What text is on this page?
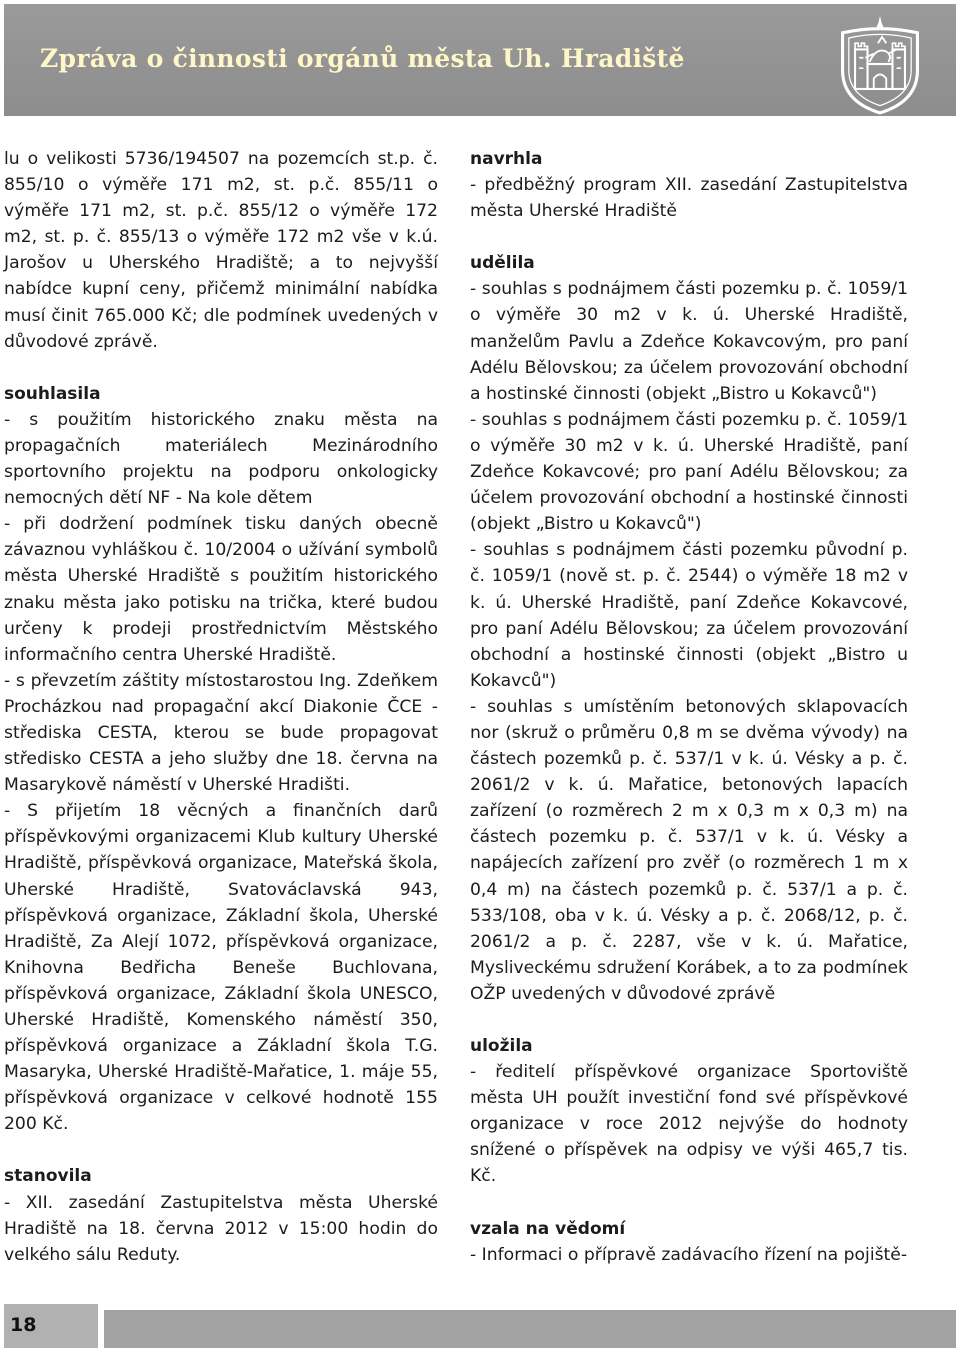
Zpráva o činnosti orgánů města Uh. Hradiště

lu o velikosti 5736/194507 na pozemcích st.p. č. 855/10 o výměře 171 m2, st. p.č. 855/11 o výměře 171 m2, st. p.č. 855/12 o výměře 172 m2, st. p. č. 855/13 o výměře 172 m2 vše v k.ú. Jarošov u Uherského Hradiště; a to nejvyšší nabídce kupní ceny, přičemž minimální nabídka musí činit 765.000 Kč; dle podmínek uvedených v důvodové zprávě.

souhlasila

- s použitím historického znaku města na propagačních materiálech Mezinárodního sportovního projektu na podporu onkologicky nemocných dětí NF - Na kole dětem

- při dodržení podmínek tisku daných obecně závaznou vyhláškou č. 10/2004 o užívání symbolů města Uherské Hradiště s použitím historického znaku města jako potisku na trička, které budou určeny k prodeji prostřednictvím Městského informačního centra Uherské Hradiště.

- s převzetím záštity místostarostou Ing. Zdeňkem Procházkou nad propagační akcí Diakonie ČCE - střediska CESTA, kterou se bude propagovat středisko CESTA a jeho služby dne 18. června na Masarykově náměstí v Uherské Hradišti.

- S přijetím 18 věcných a finančních darů příspěvkovými organizacemi Klub kultury Uherské Hradiště, příspěvková organizace, Mateřská škola, Uherské Hradiště, Svatováclavská 943, příspěvková organizace, Základní škola, Uherské Hradiště, Za Alejí 1072, příspěvková organizace, Knihovna Bedřicha Beneše Buchlovana, příspěvková organizace, Základní škola UNESCO, Uherské Hradiště, Komenského náměstí 350, příspěvková organizace a Základní škola T.G. Masaryka, Uherské Hradiště-Mařatice, 1. máje 55, příspěvková organizace v celkové hodnotě 155 200 Kč.

stanovila

- XII. zasedání Zastupitelstva města Uherské Hradiště na 18. června 2012 v 15:00 hodin do velkého sálu Reduty.

navrhla

- předběžný program XII. zasedání Zastupitelstva města Uherské Hradiště

udělila

- souhlas s podnájmem části pozemku p. č. 1059/1 o výměře 30 m2 v k. ú. Uherské Hradiště, manželům Pavlu a Zdeňce Kokavcovým, pro paní Adélu Bělovskou; za účelem provozování obchodní a hostinské činnosti (objekt „Bistro u Kokavců")

- souhlas s podnájmem části pozemku p. č. 1059/1 o výměře 30 m2 v k. ú. Uherské Hradiště, paní Zdeňce Kokavcové; pro paní Adélu Bělovskou; za účelem provozování obchodní a hostinské činnosti (objekt „Bistro u Kokavců")

- souhlas s podnájmem části pozemku původní p. č. 1059/1 (nově st. p. č. 2544) o výměře 18 m2 v k. ú. Uherské Hradiště, paní Zdeňce Kokavcové, pro paní Adélu Bělovskou; za účelem provozování obchodní a hostinské činnosti (objekt „Bistro u Kokavců")

- souhlas s umístěním betonových sklapovacích nor (skruž o průměru 0,8 m se dvěma vývody) na částech pozemků p. č. 537/1 v k. ú. Vésky a p. č. 2061/2 v k. ú. Mařatice, betonových lapacích zařízení (o rozměrech 2 m x 0,3 m x 0,3 m) na částech pozemku p. č. 537/1 v k. ú. Vésky a napájecích zařízení pro zvěř (o rozměrech 1 m x 0,4 m) na částech pozemků p. č. 537/1 a p. č. 533/108, oba v k. ú. Vésky a p. č. 2068/12, p. č. 2061/2 a p. č. 2287, vše v k. ú. Mařatice, Mysliveckému sdružení Korábek, a to za podmínek OŽP uvedených v důvodové zprávě

uložila

- ředitelí příspěvkové organizace Sportoviště města UH použít investiční fond své příspěvkové organizace v roce 2012 nejvýše do hodnoty snížené o příspěvek na odpisy ve výši 465,7 tis. Kč.

vzala na vědomí

- Informaci o přípravě zadávacího řízení na pojiště-

18
